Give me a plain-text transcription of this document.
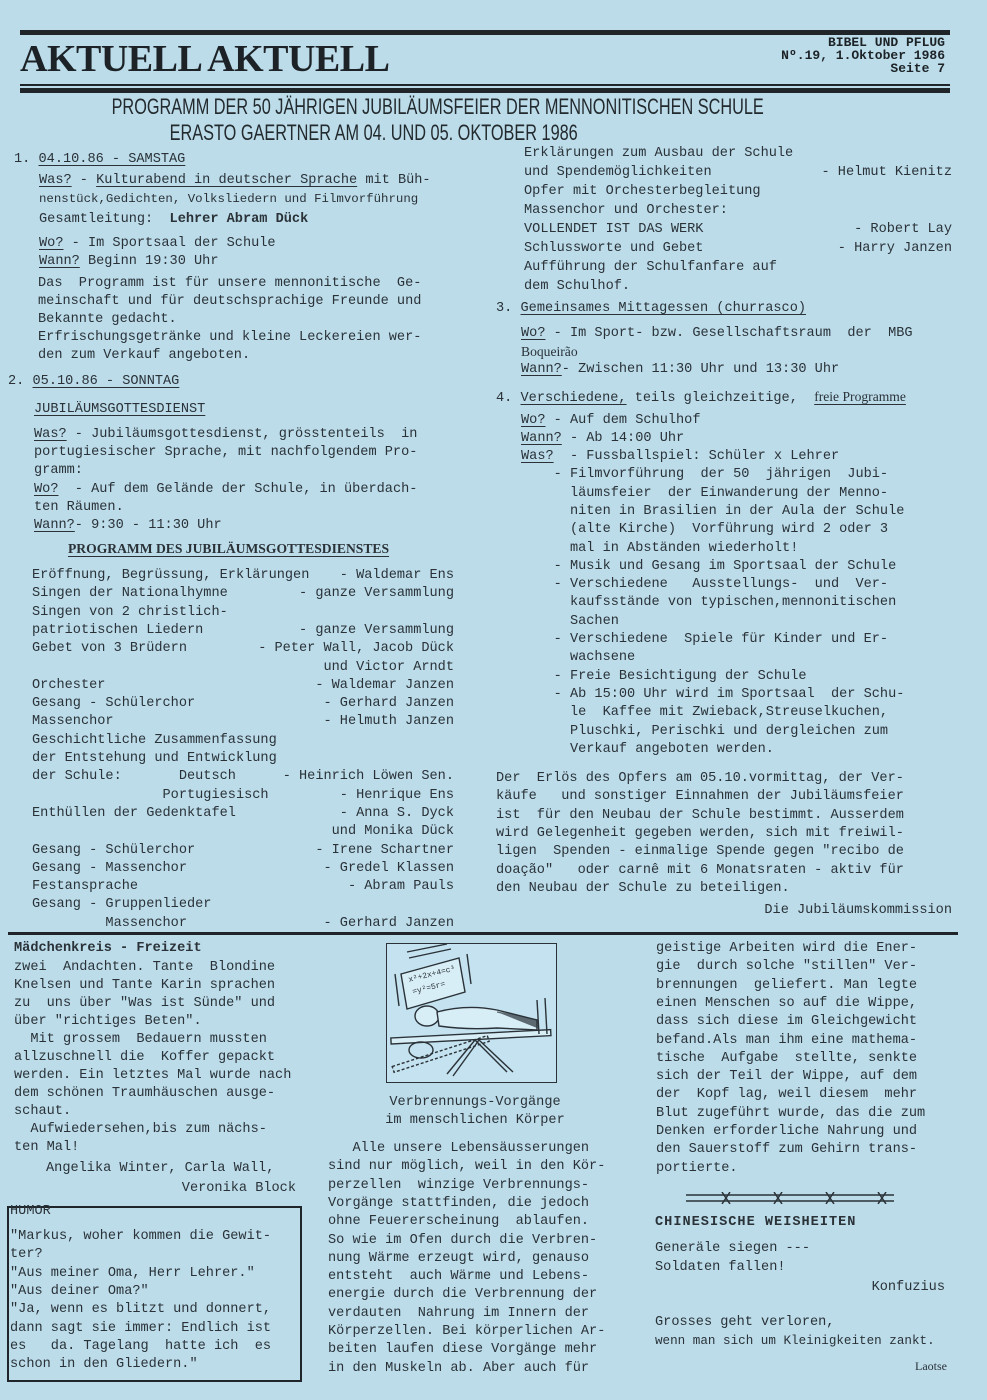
AKTUELL AKTUELL	BIBEL UND PFLUG
Nº.19, 1.Oktober 1986
Seite 7
PROGRAMM DER 50 JÄHRIGEN JUBILÄUMSFEIER DER MENNONITISCHEN SCHULE
ERASTO GAERTNER AM 04. UND 05. OKTOBER 1986
1. 04.10.86 - SAMSTAG
Was? - Kulturabend in deutscher Sprache mit Büh-
nenstück,Gedichten, Volksliedern und Filmvorführung
Gesamtleitung: Lehrer Abram Dück
Wo? - Im Sportsaal der Schule
Wann? Beginn 19:30 Uhr
Das  Programm ist für unsere mennonitische  Ge-
meinschaft und für deutschsprachige Freunde und
Bekannte gedacht.
Erfrischungsgetränke und kleine Leckereien wer-
den zum Verkauf angeboten.
2. 05.10.86 - SONNTAG
JUBILÄUMSGOTTESDIENST
Was? - Jubiläumsgottesdienst, grösstenteils  in
portugiesischer Sprache, mit nachfolgendem Pro-
gramm:
Wo?  - Auf dem Gelände der Schule, in überdach-
ten Räumen.
Wann?- 9:30 - 11:30 Uhr
PROGRAMM DES JUBILÄUMSGOTTESDIENSTES
Eröffnung, Begrüssung, Erklärungen - Waldemar Ens
Singen der Nationalhymne	- ganze Versammlung
Singen von 2 christlich-
patriotischen Liedern	- ganze Versammlung
Gebet von 3 Brüdern	- Peter Wall, Jacob Dück
und Victor Arndt
Orchester	- Waldemar Janzen
Gesang - Schülerchor	- Gerhard Janzen
Massenchor	- Helmuth Janzen
Geschichtliche Zusammenfassung
der Entstehung und Entwicklung
der Schule:       Deutsch	- Heinrich Löwen Sen.
Portugiesisch	- Henrique Ens
Enthüllen der Gedenktafel	- Anna S. Dyck
und Monika Dück
Gesang - Schülerchor	- Irene Schartner
Gesang - Massenchor	- Gredel Klassen
Festansprache	- Abram Pauls
Gesang - Gruppenlieder
Massenchor	- Gerhard Janzen
Erklärungen zum Ausbau der Schule
und Spendemöglichkeiten	- Helmut Kienitz
Opfer mit Orchesterbegleitung
Massenchor und Orchester:
VOLLENDET IST DAS WERK	- Robert Lay
Schlussworte und Gebet	- Harry Janzen
Aufführung der Schulfanfare auf
dem Schulhof.
3. Gemeinsames Mittagessen (churrasco)
Wo? - Im Sport- bzw. Gesellschaftsraum  der  MBG
Boqueirão
Wann?- Zwischen 11:30 Uhr und 13:30 Uhr
4. Verschiedene, teils gleichzeitige,  freie Programme
Wo? - Auf dem Schulhof
Wann? - Ab 14:00 Uhr
Was?  - Fussballspiel: Schüler x Lehrer
- Filmvorführung  der 50  jährigen  Jubi-
läumsfeier  der Einwanderung der Menno-
niten in Brasilien in der Aula der Schule
(alte Kirche)  Vorführung wird 2 oder 3
mal in Abständen wiederholt!
- Musik und Gesang im Sportsaal der Schule
- Verschiedene   Ausstellungs-  und  Ver-
kaufsstände von typischen,mennonitischen
Sachen
- Verschiedene  Spiele für Kinder und Er-
wachsene
- Freie Besichtigung der Schule
- Ab 15:00 Uhr wird im Sportsaal  der Schu-
le  Kaffee mit Zwieback,Streuselkuchen,
Pluschki, Perischki und dergleichen zum
Verkauf angeboten werden.
Der  Erlös des Opfers am 05.10.vormittag, der Ver-
käufe   und sonstiger Einnahmen der Jubiläumsfeier
ist  für den Neubau der Schule bestimmt. Ausserdem
wird Gelegenheit gegeben werden, sich mit freiwil-
ligen  Spenden - einmalige Spende gegen "recibo de
doação"   oder carnê mit 6 Monatsraten - aktiv für
den Neubau der Schule zu beteiligen.
Die Jubiläumskommission
Mädchenkreis - Freizeit
zwei  Andachten. Tante  Blondine
Knelsen und Tante Karin sprachen
zu  uns über "Was ist Sünde" und
über "richtiges Beten".
Mit grossem  Bedauern mussten
allzuschnell die  Koffer gepackt
werden. Ein letztes Mal wurde nach
dem schönen Traumhäuschen ausge-
schaut.
Aufwiedersehen,bis zum nächs-
ten Mal!
Angelika Winter, Carla Wall,
Veronika Block
HUMOR
"Markus, woher kommen die Gewit-
ter?
"Aus meiner Oma, Herr Lehrer."
"Aus deiner Oma?"
"Ja, wenn es blitzt und donnert,
dann sagt sie immer: Endlich ist
es   da. Tagelang  hatte ich  es
schon in den Gliedern."
x²+2x+4=c³
=y²=5r=
Verbrennungs-Vorgänge
im menschlichen Körper
Alle unsere Lebensäusserungen
sind nur möglich, weil in den Kör-
perzellen  winzige Verbrennungs-
Vorgänge stattfinden, die jedoch
ohne Feuererscheinung  ablaufen.
So wie im Ofen durch die Verbren-
nung Wärme erzeugt wird, genauso
entsteht  auch Wärme und Lebens-
energie durch die Verbrennung der
verdauten  Nahrung im Innern der
Körperzellen. Bei körperlichen Ar-
beiten laufen diese Vorgänge mehr
in den Muskeln ab. Aber auch für
geistige Arbeiten wird die Ener-
gie  durch solche "stillen" Ver-
brennungen  geliefert. Man legte
einen Menschen so auf die Wippe,
dass sich diese im Gleichgewicht
befand.Als man ihm eine mathema-
tische  Aufgabe  stellte, senkte
sich der Teil der Wippe, auf dem
der  Kopf lag, weil diesem  mehr
Blut zugeführt wurde, das die zum
Denken erforderliche Nahrung und
den Sauerstoff zum Gehirn trans-
portierte.
CHINESISCHE WEISHEITEN
Generäle siegen ---
Soldaten fallen!
Konfuzius
Grosses geht verloren,
wenn man sich um Kleinigkeiten zankt.
Laotse
